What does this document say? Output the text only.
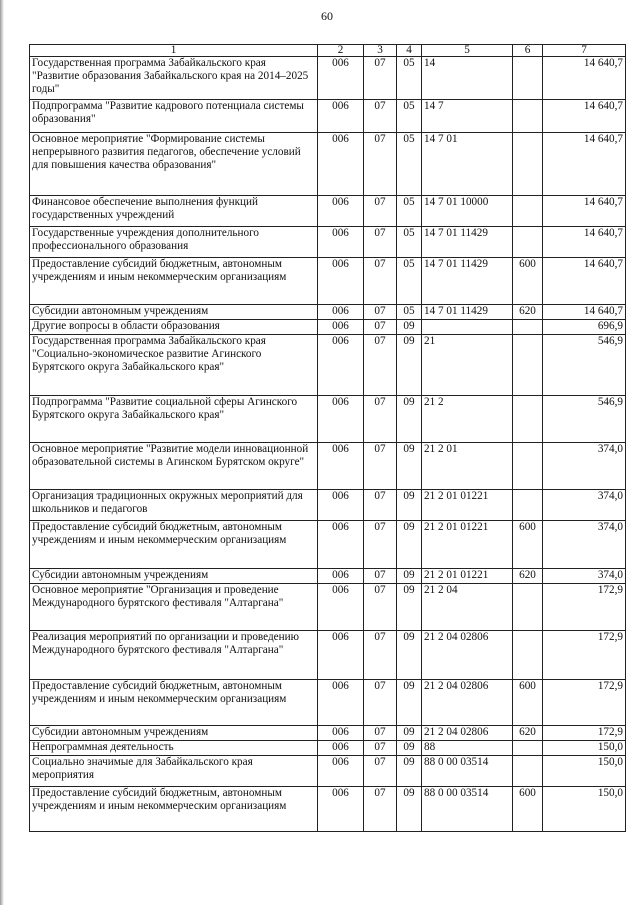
60
1	2	3	4	5	6	7
Государственная программа Забайкальского края "Развитие образования Забайкальского края на 2014–2025 годы"	006	07	05	14		14 640,7
Подпрограмма "Развитие кадрового потенциала системы образования"	006	07	05	14 7		14 640,7
Основное мероприятие "Формирование системы непрерывного развития педагогов, обеспечение условий для повышения качества образования"	006	07	05	14 7 01		14 640,7
Финансовое обеспечение выполнения функций государственных учреждений	006	07	05	14 7 01 10000		14 640,7
Государственные учреждения дополнительного профессионального образования	006	07	05	14 7 01 11429		14 640,7
Предоставление субсидий бюджетным, автономным учреждениям и иным некоммерческим организациям	006	07	05	14 7 01 11429	600	14 640,7
Субсидии автономным учреждениям	006	07	05	14 7 01 11429	620	14 640,7
Другие вопросы в области образования	006	07	09			696,9
Государственная программа Забайкальского края "Социально-экономическое развитие Агинского Бурятского округа Забайкальского края"	006	07	09	21		546,9
Подпрограмма "Развитие социальной сферы Агинского Бурятского округа Забайкальского края"	006	07	09	21 2		546,9
Основное мероприятие "Развитие модели инновационной образовательной системы в Агинском Бурятском округе"	006	07	09	21 2 01		374,0
Организация традиционных окружных мероприятий для школьников и педагогов	006	07	09	21 2 01 01221		374,0
Предоставление субсидий бюджетным, автономным учреждениям и иным некоммерческим организациям	006	07	09	21 2 01 01221	600	374,0
Субсидии автономным учреждениям	006	07	09	21 2 01 01221	620	374,0
Основное мероприятие "Организация и проведение Международного бурятского фестиваля "Алтаргана"	006	07	09	21 2 04		172,9
Реализация мероприятий по организации и проведению Международного бурятского фестиваля "Алтаргана"	006	07	09	21 2 04 02806		172,9
Предоставление субсидий бюджетным, автономным учреждениям и иным некоммерческим организациям	006	07	09	21 2 04 02806	600	172,9
Субсидии автономным учреждениям	006	07	09	21 2 04 02806	620	172,9
Непрограммная деятельность	006	07	09	88		150,0
Социально значимые для Забайкальского края мероприятия	006	07	09	88 0 00 03514		150,0
Предоставление субсидий бюджетным, автономным учреждениям и иным некоммерческим организациям	006	07	09	88 0 00 03514	600	150,0
